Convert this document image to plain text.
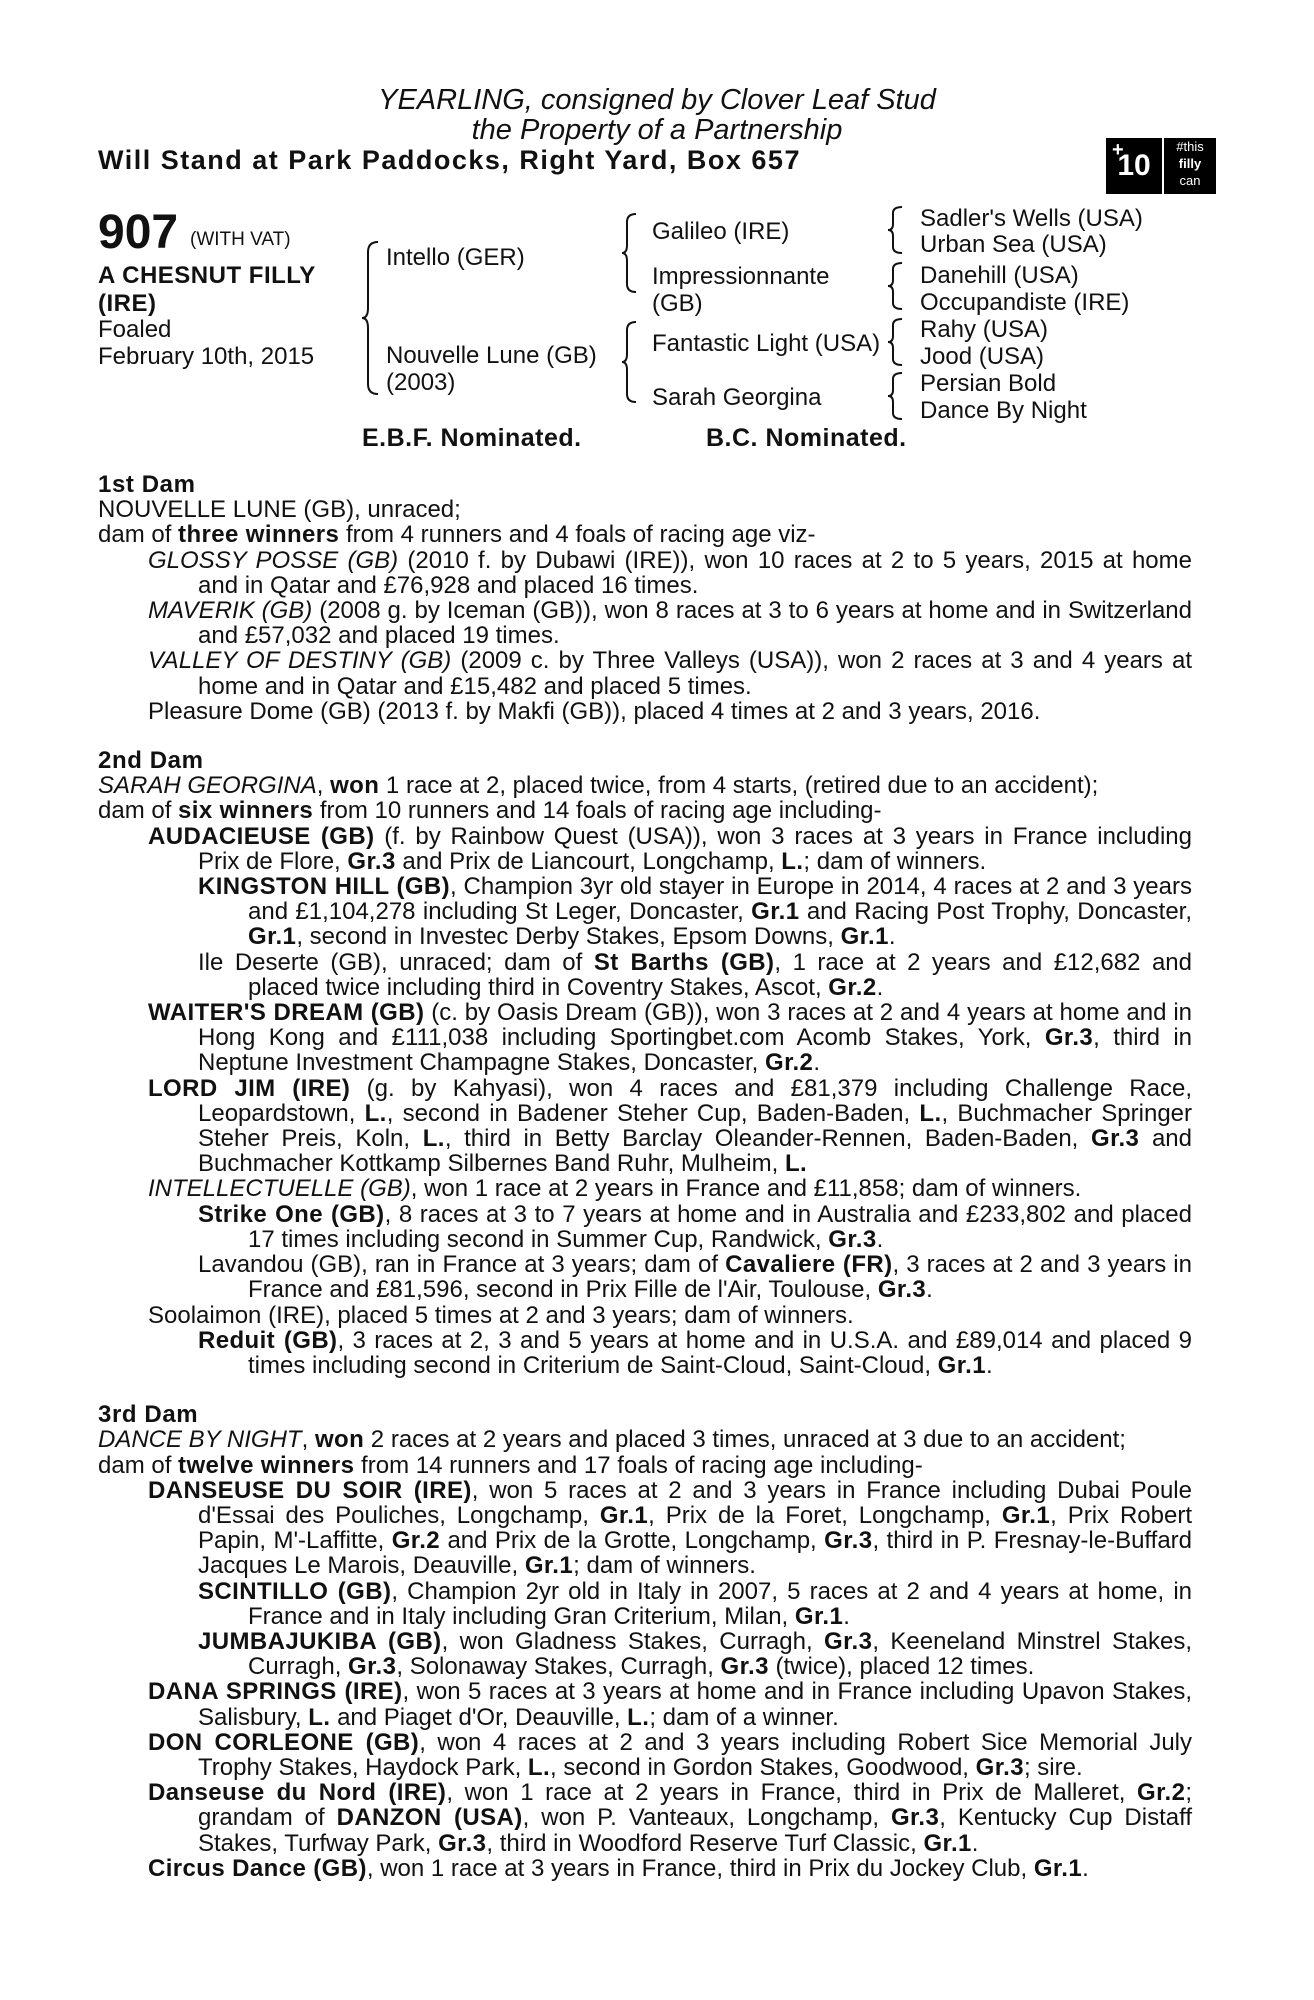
YEARLING, consigned by Clover Leaf Stud
the Property of a Partnership
Will Stand at Park Paddocks, Right Yard, Box 657	+
10
#this
filly
can
907 (WITH VAT)
A CHESNUT FILLY
(IRE)
Foaled
February 10th, 2015
Intello (GER)
Nouvelle Lune (GB)
(2003)
Galileo (IRE)
Impressionnante
(GB)
Fantastic Light (USA)
Sarah Georgina
Sadler's Wells (USA)
Urban Sea (USA)
Danehill (USA)
Occupandiste (IRE)
Rahy (USA)
Jood (USA)
Persian Bold
Dance By Night
E.B.F. Nominated.	B.C. Nominated.
1st Dam
NOUVELLE LUNE (GB), unraced;
dam of three winners from 4 runners and 4 foals of racing age viz-
GLOSSY POSSE (GB) (2010 f. by Dubawi (IRE)), won 10 races at 2 to 5 years, 2015 at home and in Qatar and £76,928 and placed 16 times.
MAVERIK (GB) (2008 g. by Iceman (GB)), won 8 races at 3 to 6 years at home and in Switzerland and £57,032 and placed 19 times.
VALLEY OF DESTINY (GB) (2009 c. by Three Valleys (USA)), won 2 races at 3 and 4 years at home and in Qatar and £15,482 and placed 5 times.
Pleasure Dome (GB) (2013 f. by Makfi (GB)), placed 4 times at 2 and 3 years, 2016.
2nd Dam
SARAH GEORGINA, won 1 race at 2, placed twice, from 4 starts, (retired due to an accident);
dam of six winners from 10 runners and 14 foals of racing age including-
AUDACIEUSE (GB) (f. by Rainbow Quest (USA)), won 3 races at 3 years in France including Prix de Flore, Gr.3 and Prix de Liancourt, Longchamp, L.; dam of winners.
KINGSTON HILL (GB), Champion 3yr old stayer in Europe in 2014, 4 races at 2 and 3 years and £1,104,278 including St Leger, Doncaster, Gr.1 and Racing Post Trophy, Doncaster, Gr.1, second in Investec Derby Stakes, Epsom Downs, Gr.1.
Ile Deserte (GB), unraced; dam of St Barths (GB), 1 race at 2 years and £12,682 and placed twice including third in Coventry Stakes, Ascot, Gr.2.
WAITER'S DREAM (GB) (c. by Oasis Dream (GB)), won 3 races at 2 and 4 years at home and in Hong Kong and £111,038 including Sportingbet.com Acomb Stakes, York, Gr.3, third in Neptune Investment Champagne Stakes, Doncaster, Gr.2.
LORD JIM (IRE) (g. by Kahyasi), won 4 races and £81,379 including Challenge Race, Leopardstown, L., second in Badener Steher Cup, Baden-Baden, L., Buchmacher Springer Steher Preis, Koln, L., third in Betty Barclay Oleander-Rennen, Baden-Baden, Gr.3 and Buchmacher Kottkamp Silbernes Band Ruhr, Mulheim, L.
INTELLECTUELLE (GB), won 1 race at 2 years in France and £11,858; dam of winners.
Strike One (GB), 8 races at 3 to 7 years at home and in Australia and £233,802 and placed 17 times including second in Summer Cup, Randwick, Gr.3.
Lavandou (GB), ran in France at 3 years; dam of Cavaliere (FR), 3 races at 2 and 3 years in France and £81,596, second in Prix Fille de l'Air, Toulouse, Gr.3.
Soolaimon (IRE), placed 5 times at 2 and 3 years; dam of winners.
Reduit (GB), 3 races at 2, 3 and 5 years at home and in U.S.A. and £89,014 and placed 9 times including second in Criterium de Saint-Cloud, Saint-Cloud, Gr.1.
3rd Dam
DANCE BY NIGHT, won 2 races at 2 years and placed 3 times, unraced at 3 due to an accident;
dam of twelve winners from 14 runners and 17 foals of racing age including-
DANSEUSE DU SOIR (IRE), won 5 races at 2 and 3 years in France including Dubai Poule d'Essai des Pouliches, Longchamp, Gr.1, Prix de la Foret, Longchamp, Gr.1, Prix Robert Papin, M'-Laffitte, Gr.2 and Prix de la Grotte, Longchamp, Gr.3, third in P. Fresnay-le-Buffard Jacques Le Marois, Deauville, Gr.1; dam of winners.
SCINTILLO (GB), Champion 2yr old in Italy in 2007, 5 races at 2 and 4 years at home, in France and in Italy including Gran Criterium, Milan, Gr.1.
JUMBAJUKIBA (GB), won Gladness Stakes, Curragh, Gr.3, Keeneland Minstrel Stakes, Curragh, Gr.3, Solonaway Stakes, Curragh, Gr.3 (twice), placed 12 times.
DANA SPRINGS (IRE), won 5 races at 3 years at home and in France including Upavon Stakes, Salisbury, L. and Piaget d'Or, Deauville, L.; dam of a winner.
DON CORLEONE (GB), won 4 races at 2 and 3 years including Robert Sice Memorial July Trophy Stakes, Haydock Park, L., second in Gordon Stakes, Goodwood, Gr.3; sire.
Danseuse du Nord (IRE), won 1 race at 2 years in France, third in Prix de Malleret, Gr.2; grandam of DANZON (USA), won P. Vanteaux, Longchamp, Gr.3, Kentucky Cup Distaff Stakes, Turfway Park, Gr.3, third in Woodford Reserve Turf Classic, Gr.1.
Circus Dance (GB), won 1 race at 3 years in France, third in Prix du Jockey Club, Gr.1.
